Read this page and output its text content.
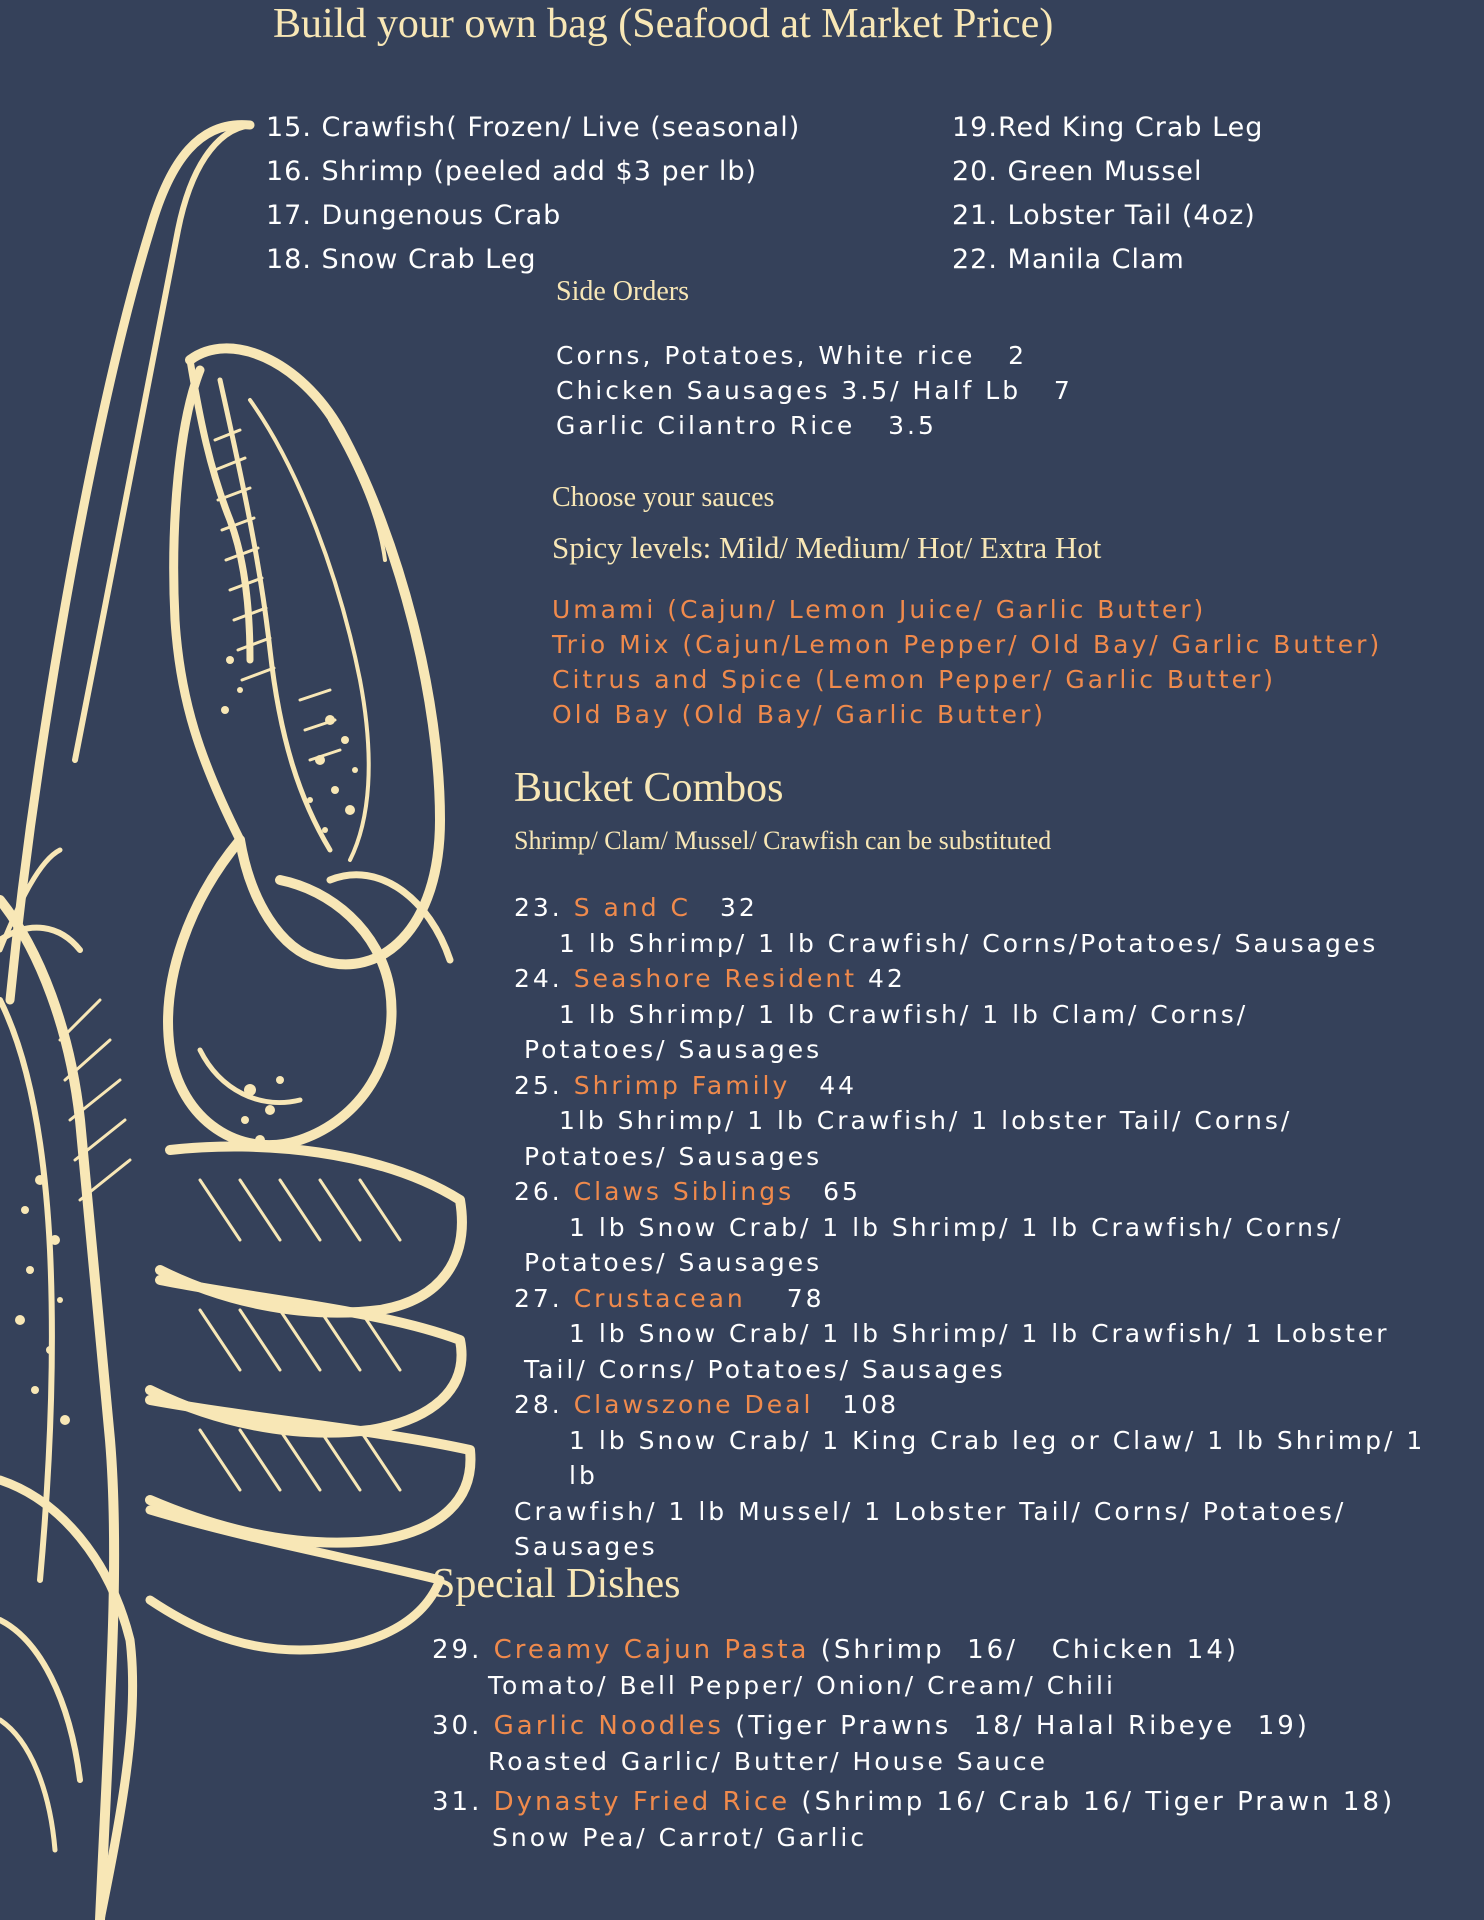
Build your own bag (Seafood at Market Price)
15. Crawfish( Frozen/ Live (seasonal)
16. Shrimp (peeled add $3 per lb)
17. Dungenous Crab
18. Snow Crab Leg
19.Red King Crab Leg
20. Green Mussel
21. Lobster Tail (4oz)
22. Manila Clam
Side Orders
Corns, Potatoes, White rice   2
Chicken Sausages 3.5/ Half Lb   7
Garlic Cilantro Rice   3.5
Choose your sauces
Spicy levels: Mild/ Medium/ Hot/ Extra Hot
Umami (Cajun/ Lemon Juice/ Garlic Butter)
Trio Mix (Cajun/Lemon Pepper/ Old Bay/ Garlic Butter)
Citrus and Spice (Lemon Pepper/ Garlic Butter)
Old Bay (Old Bay/ Garlic Butter)
Bucket Combos
Shrimp/ Clam/ Mussel/ Crawfish can be substituted
23. S and C 32
1 lb Shrimp/ 1 lb Crawfish/ Corns/Potatoes/ Sausages
24. Seashore Resident 42
1 lb Shrimp/ 1 lb Crawfish/ 1 lb Clam/ Corns/
Potatoes/ Sausages
25. Shrimp Family 44
1lb Shrimp/ 1 lb Crawfish/ 1 lobster Tail/ Corns/
Potatoes/ Sausages
26. Claws Siblings 65
1 lb Snow Crab/ 1 lb Shrimp/ 1 lb Crawfish/ Corns/
Potatoes/ Sausages
27. Crustacean 78
1 lb Snow Crab/ 1 lb Shrimp/ 1 lb Crawfish/ 1 Lobster
Tail/ Corns/ Potatoes/ Sausages
28. Clawszone Deal 108
1 lb Snow Crab/ 1 King Crab leg or Claw/ 1 lb Shrimp/ 1 lb
Crawfish/ 1 lb Mussel/ 1 Lobster Tail/ Corns/ Potatoes/
Sausages
Special Dishes
29. Creamy Cajun Pasta (Shrimp  16/   Chicken 14)
Tomato/ Bell Pepper/ Onion/ Cream/ Chili
30. Garlic Noodles (Tiger Prawns  18/ Halal Ribeye  19)
Roasted Garlic/ Butter/ House Sauce
31. Dynasty Fried Rice (Shrimp 16/ Crab 16/ Tiger Prawn 18)
Snow Pea/ Carrot/ Garlic
